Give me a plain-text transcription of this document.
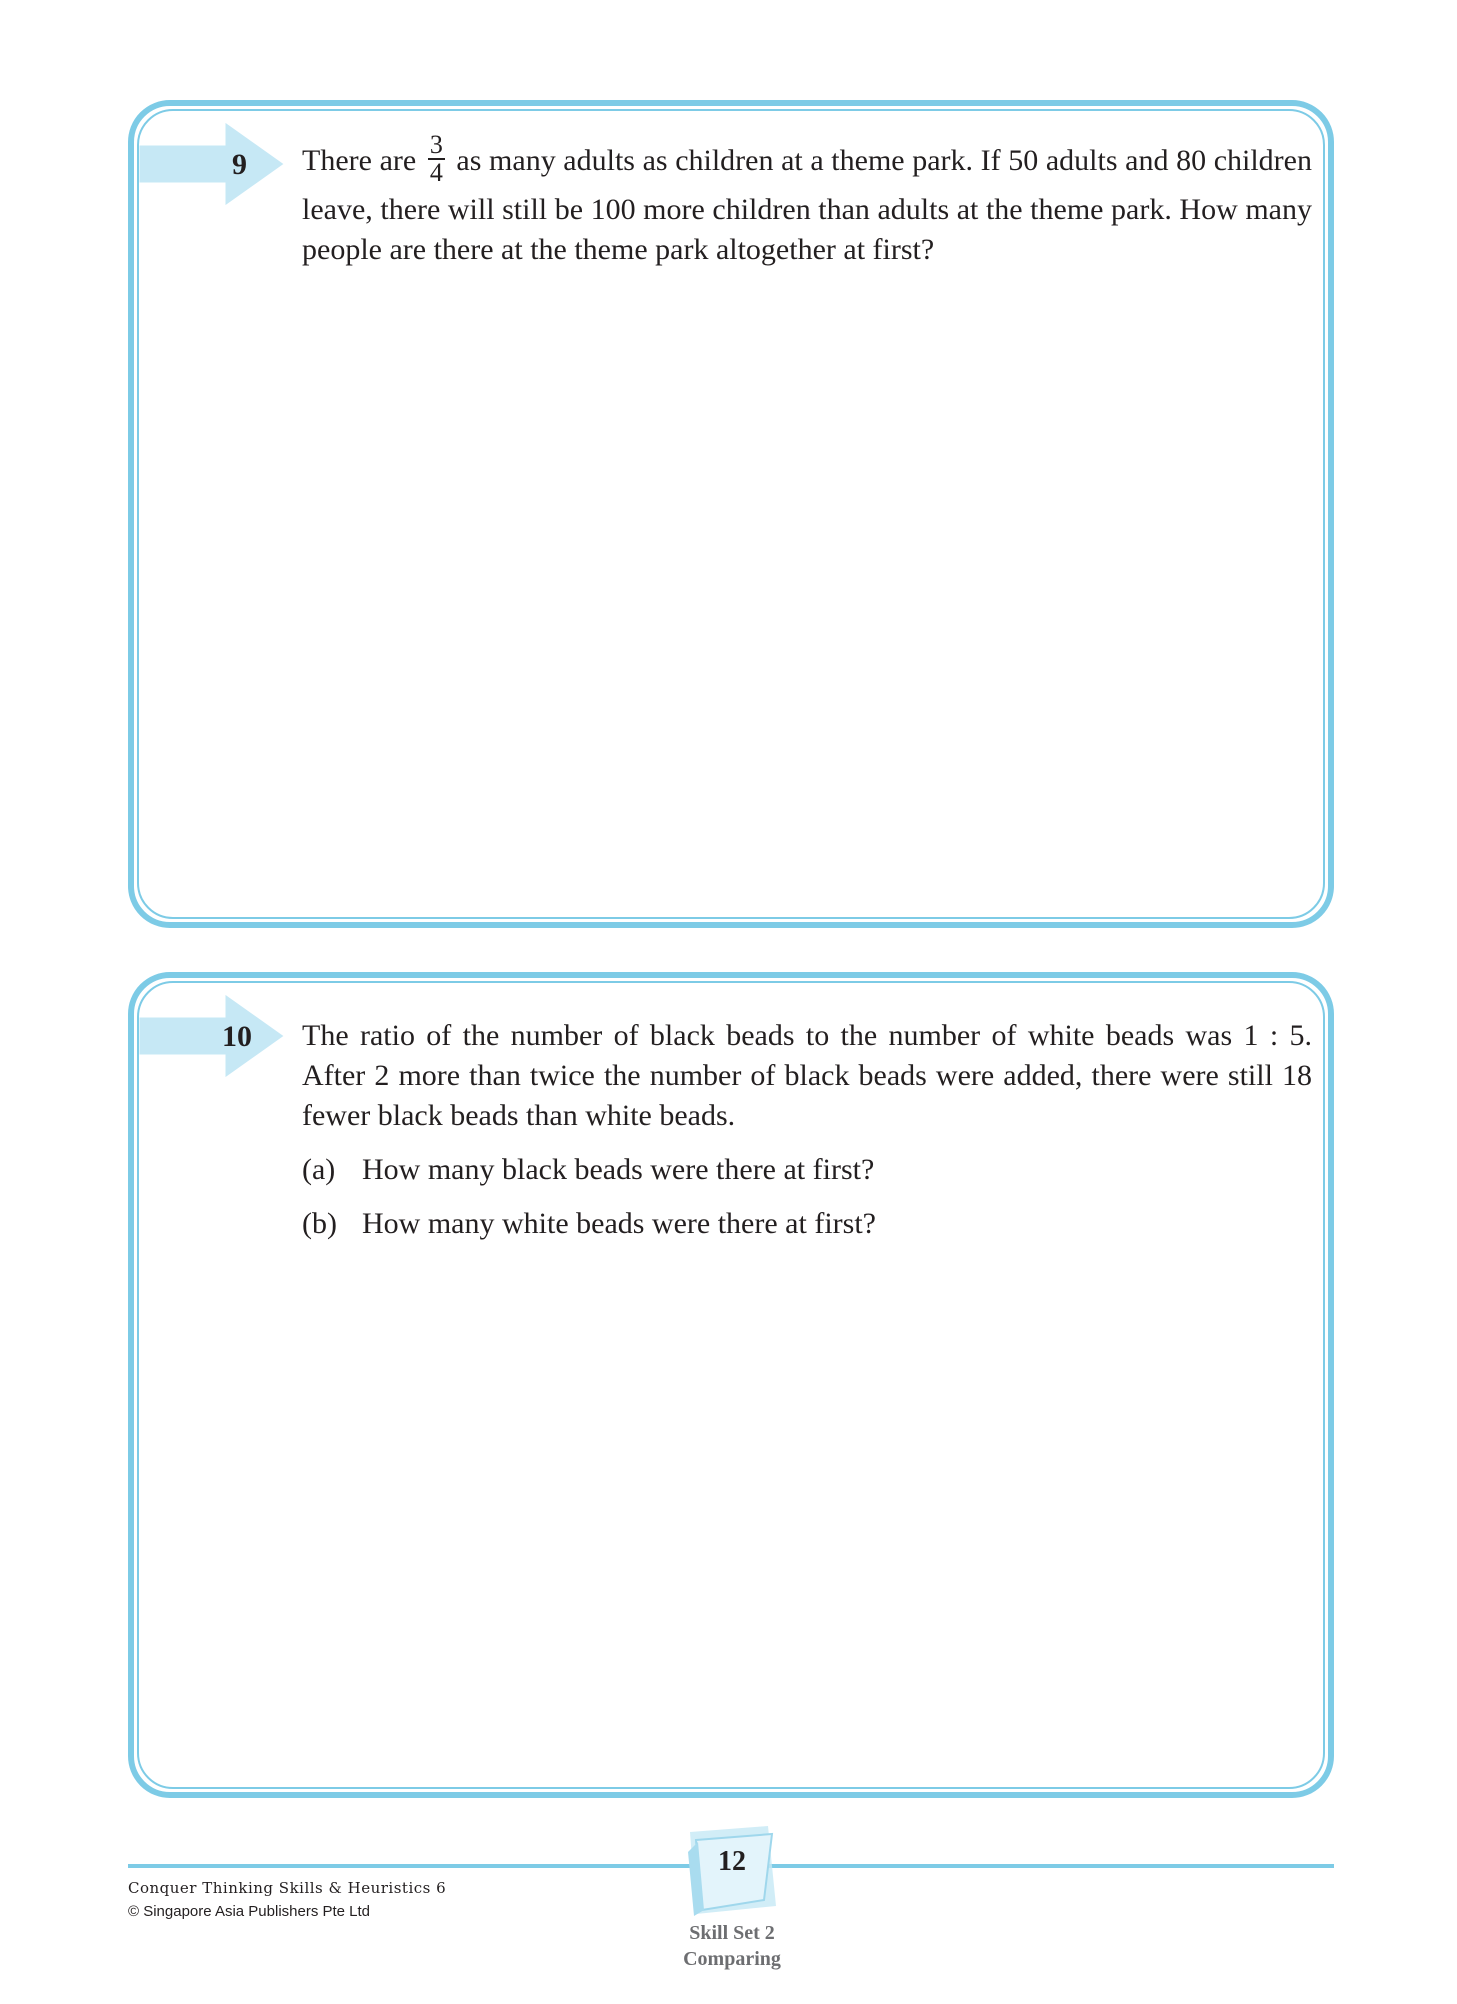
9 There are $\frac{3}{4}$ as many adults as children at a theme park. If 50 adults and 80 children leave, there will still be 100 more children than adults at the theme park. How many people are there at the theme park altogether at first?
10 The ratio of the number of black beads to the number of white beads was 1 : 5. After 2 more than twice the number of black beads were added, there were still 18 fewer black beads than white beads.
(a) How many black beads were there at first?
(b) How many white beads were there at first?
Conquer Thinking Skills & Heuristics 6
© Singapore Asia Publishers Pte Ltd
12
Skill Set 2
Comparing
